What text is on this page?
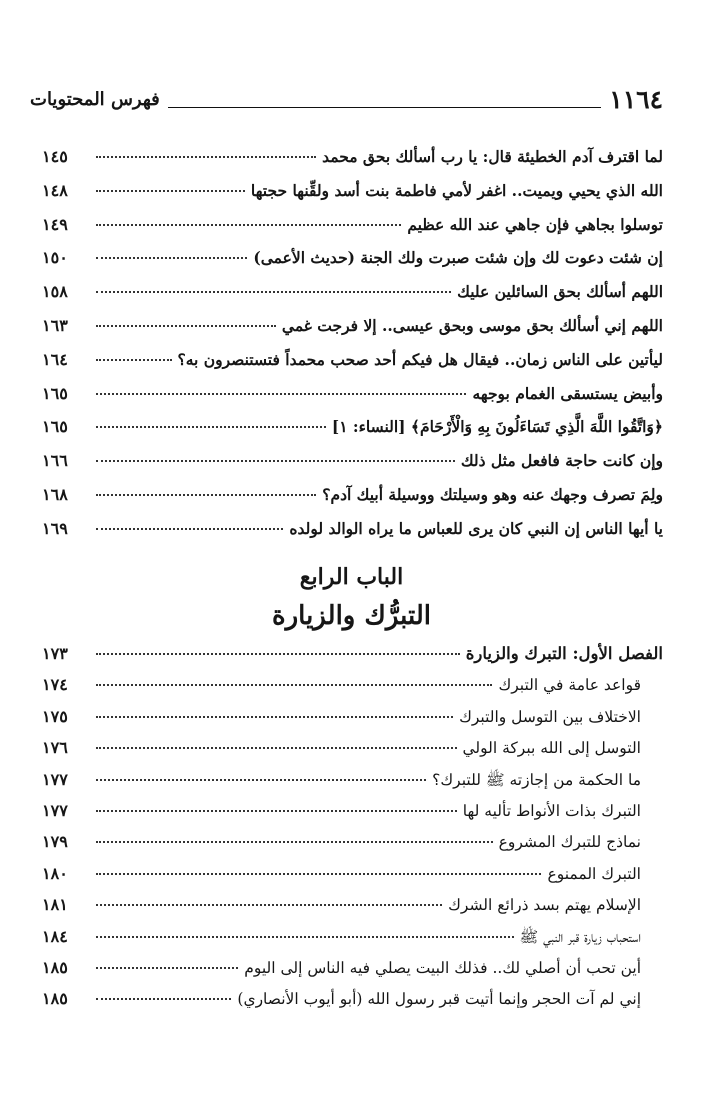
١١٦٤
فهرس المحتويات
لما اقترف آدم الخطيئة قال: يا رب أسألك بحق محمد
١٤٥
الله الذي يحيي ويميت.. اغفر لأمي فاطمة بنت أسد ولقِّنها حجتها
١٤٨
توسلوا بجاهي فإن جاهي عند الله عظيم
١٤٩
إن شئت دعوت لك وإن شئت صبرت ولك الجنة (حديث الأعمى)
١٥٠
اللهم أسألك بحق السائلين عليك
١٥٨
اللهم إني أسألك بحق موسى وبحق عيسى.. إلا فرجت غمي
١٦٣
ليأتين على الناس زمان.. فيقال هل فيكم أحد صحب محمداً فتستنصرون به؟
١٦٤
وأبيض يستسقى الغمام بوجهه
١٦٥
﴿وَاتَّقُوا اللَّهَ الَّذِي تَسَاءَلُونَ بِهِ وَالْأَرْحَامَ﴾ [النساء: ١]
١٦٥
وإن كانت حاجة فافعل مثل ذلك
١٦٦
ولِمَ تصرف وجهك عنه وهو وسيلتك ووسيلة أبيك آدم؟
١٦٨
يا أيها الناس إن النبي كان يرى للعباس ما يراه الوالد لولده
١٦٩
الباب الرابع
التبرُّك والزيارة
الفصل الأول: التبرك والزيارة
١٧٣
قواعد عامة في التبرك
١٧٤
الاختلاف بين التوسل والتبرك
١٧٥
التوسل إلى الله ببركة الولي
١٧٦
ما الحكمة من إجازته ﷺ للتبرك؟
١٧٧
التبرك بذات الأنواط تأليه لها
١٧٧
نماذج للتبرك المشروع
١٧٩
التبرك الممنوع
١٨٠
الإسلام يهتم بسد ذرائع الشرك
١٨١
استحباب زيارة قبر النبي ﷺ
١٨٤
أين تحب أن أصلي لك.. فذلك البيت يصلي فيه الناس إلى اليوم
١٨٥
إني لم آت الحجر وإنما أتيت قبر رسول الله (أبو أيوب الأنصاري)
١٨٥
